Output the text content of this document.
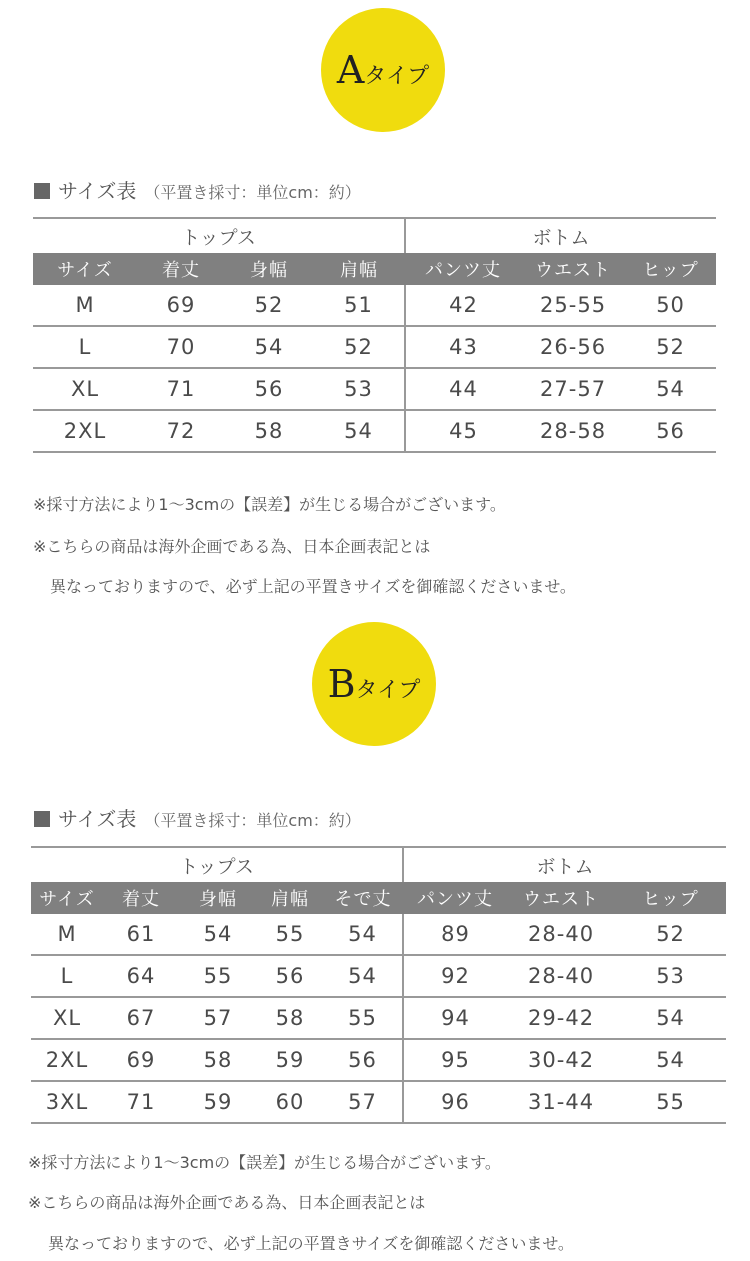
A タイプ
サイズ表 （平置き採寸：単位cm：約）
トップス				ボトム		
サイズ	着丈	身幅	肩幅	パンツ丈	ウエスト	ヒップ
M	69	52	51	42	25-55	50
L	70	54	52	43	26-56	52
XL	71	56	53	44	27-57	54
2XL	72	58	54	45	28-58	56
※採寸方法により1～3cmの【誤差】が生じる場合がございます。
※こちらの商品は海外企画である為、日本企画表記とは
異なっておりますので、必ず上記の平置きサイズを御確認くださいませ。
B タイプ
サイズ表 （平置き採寸：単位cm：約）
トップス					ボトム		
サイズ	着丈	身幅	肩幅	そで丈	パンツ丈	ウエスト	ヒップ
M	61	54	55	54	89	28-40	52
L	64	55	56	54	92	28-40	53
XL	67	57	58	55	94	29-42	54
2XL	69	58	59	56	95	30-42	54
3XL	71	59	60	57	96	31-44	55
※採寸方法により1～3cmの【誤差】が生じる場合がございます。
※こちらの商品は海外企画である為、日本企画表記とは
異なっておりますので、必ず上記の平置きサイズを御確認くださいませ。
